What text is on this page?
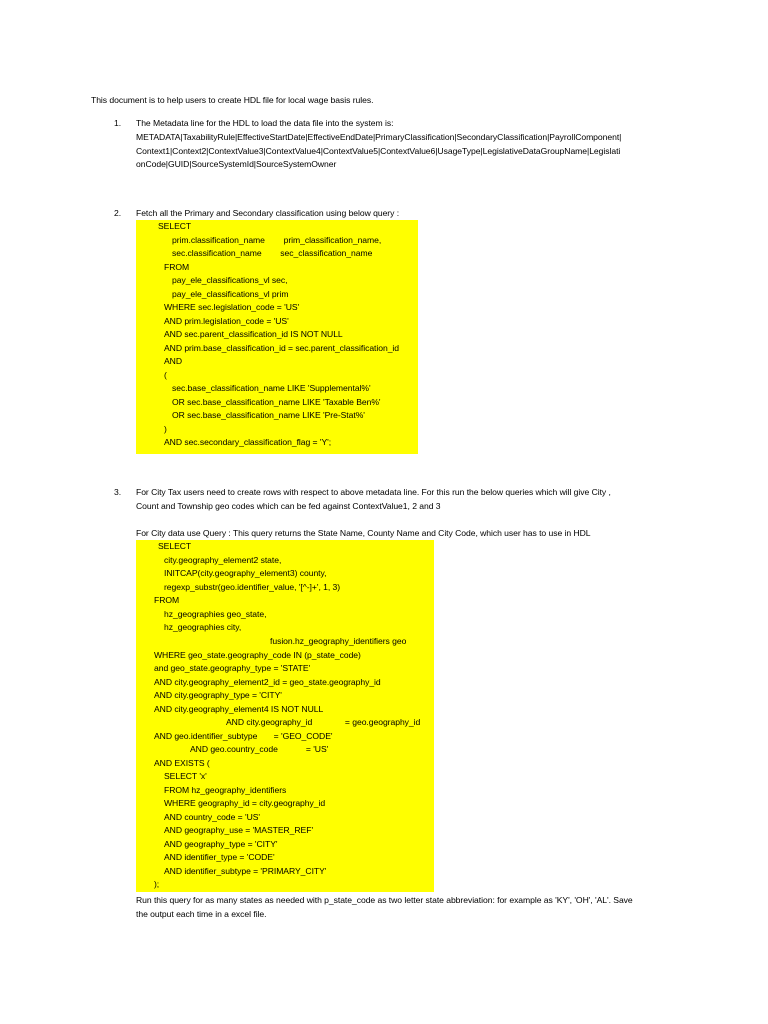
This document is to help users to create HDL file for local wage basis rules.
1. The Metadata line for the HDL to load the data file into the system is:
METADATA|TaxabilityRule|EffectiveStartDate|EffectiveEndDate|PrimaryClassification|SecondaryClassification|PayrollComponent|
Context1|Context2|ContextValue3|ContextValue4|ContextValue5|ContextValue6|UsageType|LegislativeDataGroupName|Legislati
onCode|GUID|SourceSystemId|SourceSystemOwner
2. Fetch all the Primary and Secondary classification using below query :
SELECT
prim.classification_name        prim_classification_name,
sec.classification_name        sec_classification_name
FROM
pay_ele_classifications_vl sec,
pay_ele_classifications_vl prim
WHERE sec.legislation_code = 'US'
AND prim.legislation_code = 'US'
AND sec.parent_classification_id IS NOT NULL
AND prim.base_classification_id = sec.parent_classification_id
AND
(
sec.base_classification_name LIKE 'Supplemental%'
OR sec.base_classification_name LIKE 'Taxable Ben%'
OR sec.base_classification_name LIKE 'Pre-Stat%'
)
AND sec.secondary_classification_flag = 'Y';
3. For City Tax users need to create rows with respect to above metadata line. For this run the below queries which will give City ,
Count and Township geo codes which can be fed against ContextValue1, 2 and 3
For City data use Query : This query returns the State Name, County Name and City Code, which user has to use in HDL
SELECT
city.geography_element2 state,
INITCAP(city.geography_element3) county,
regexp_substr(geo.identifier_value, '[^-]+', 1, 3)
FROM
hz_geographies geo_state,
hz_geographies city,
fusion.hz_geography_identifiers geo
WHERE geo_state.geography_code IN (p_state_code)
and geo_state.geography_type = 'STATE'
AND city.geography_element2_id = geo_state.geography_id
AND city.geography_type = 'CITY'
AND city.geography_element4 IS NOT NULL
AND city.geography_id              = geo.geography_id
AND geo.identifier_subtype       = 'GEO_CODE'
AND geo.country_code            = 'US'
AND EXISTS (
SELECT 'x'
FROM hz_geography_identifiers
WHERE geography_id = city.geography_id
AND country_code = 'US'
AND geography_use = 'MASTER_REF'
AND geography_type = 'CITY'
AND identifier_type = 'CODE'
AND identifier_subtype = 'PRIMARY_CITY'
);
Run this query for as many states as needed with p_state_code as two letter state abbreviation: for example as 'KY', 'OH', 'AL'. Save
the output each time in a excel file.
